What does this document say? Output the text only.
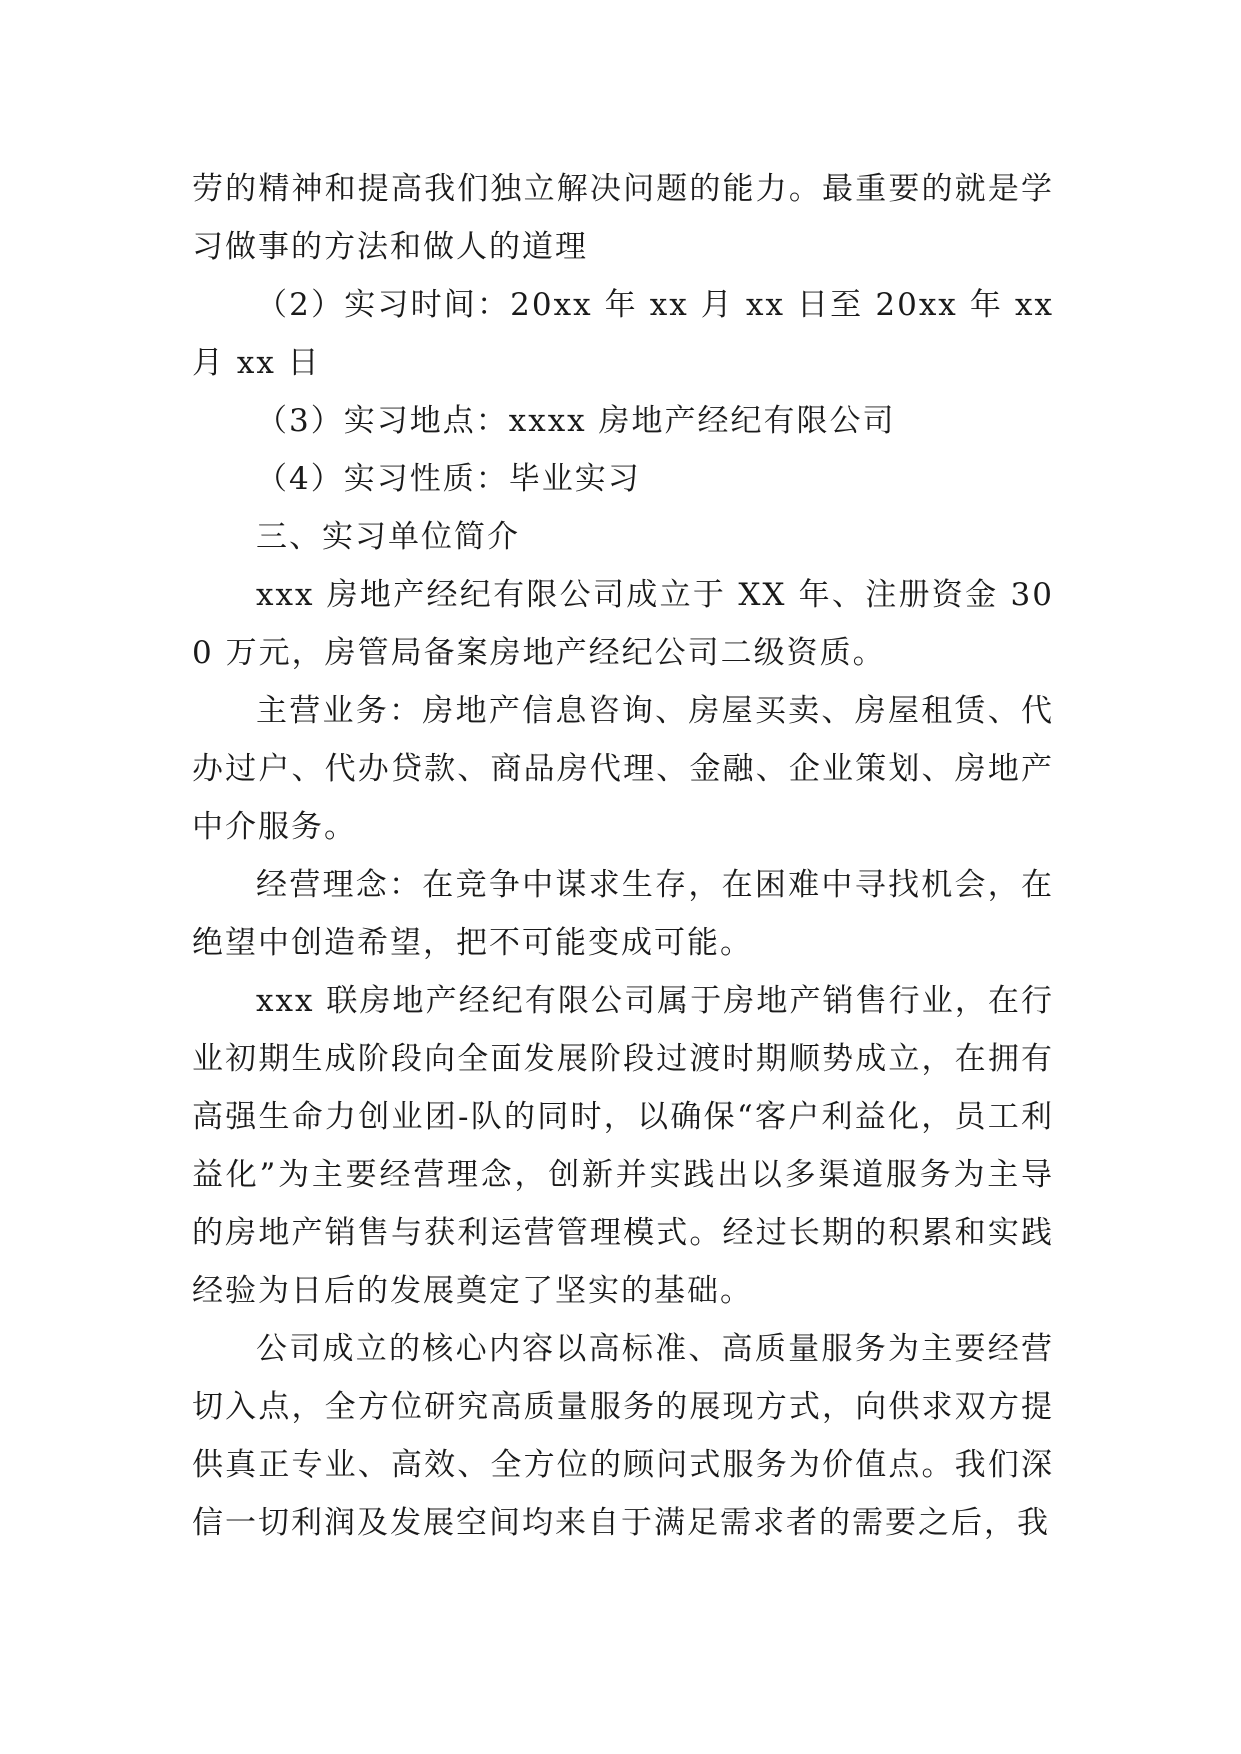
劳的精神和提高我们独立解决问题的能力。最重要的就是学习做事的方法和做人的道理

（2）实习时间：20xx 年 xx 月 xx 日至 20xx 年 xx 月 xx 日

（3）实习地点：xxxx 房地产经纪有限公司

（4）实习性质：毕业实习

三、实习单位简介

xxx 房地产经纪有限公司成立于 XX 年、注册资金 300 万元，房管局备案房地产经纪公司二级资质。

主营业务：房地产信息咨询、房屋买卖、房屋租赁、代办过户、代办贷款、商品房代理、金融、企业策划、房地产中介服务。

经营理念：在竞争中谋求生存，在困难中寻找机会，在绝望中创造希望，把不可能变成可能。

xxx 联房地产经纪有限公司属于房地产销售行业，在行业初期生成阶段向全面发展阶段过渡时期顺势成立，在拥有高强生命力创业团-队的同时，以确保“客户利益化，员工利益化”为主要经营理念，创新并实践出以多渠道服务为主导的房地产销售与获利运营管理模式。经过长期的积累和实践经验为日后的发展奠定了坚实的基础。

公司成立的核心内容以高标准、高质量服务为主要经营切入点，全方位研究高质量服务的展现方式，向供求双方提供真正专业、高效、全方位的顾问式服务为价值点。我们深信一切利润及发展空间均来自于满足需求者的需要之后，我
